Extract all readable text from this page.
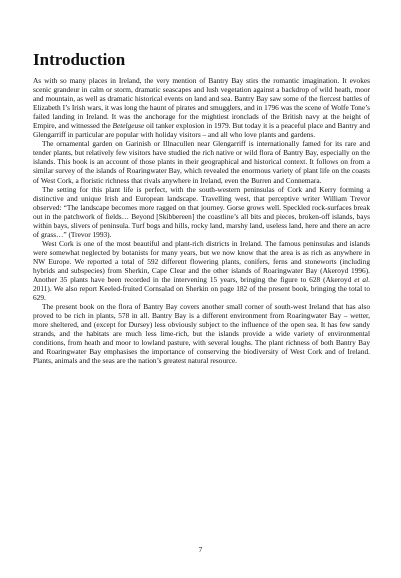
Introduction

As with so many places in Ireland, the very mention of Bantry Bay stirs the romantic imagination. It evokes scenic grandeur in calm or storm, dramatic seascapes and lush vegetation against a backdrop of wild heath, moor and mountain, as well as dramatic historical events on land and sea. Bantry Bay saw some of the fiercest battles of Elizabeth I’s Irish wars, it was long the haunt of pirates and smugglers, and in 1796 was the scene of Wolfe Tone’s failed landing in Ireland. It was the anchorage for the mightiest ironclads of the British navy at the height of Empire, and witnessed the Betelgeuse oil tanker explosion in 1979. But today it is a peaceful place and Bantry and Glengarriff in particular are popular with holiday visitors – and all who love plants and gardens.

The ornamental garden on Garinish or Illnacullen near Glengarriff is internationally famed for its rare and tender plants, but relatively few visitors have studied the rich native or wild flora of Bantry Bay, especially on the islands. This book is an account of those plants in their geographical and historical context. It follows on from a similar survey of the islands of Roaringwater Bay, which revealed the enormous variety of plant life on the coasts of West Cork, a floristic richness that rivals anywhere in Ireland, even the Burren and Connemara.

The setting for this plant life is perfect, with the south-western peninsulas of Cork and Kerry forming a distinctive and unique Irish and European landscape. Travelling west, that perceptive writer William Trevor observed: “The landscape becomes more ragged on that journey. Gorse grows well. Speckled rock-surfaces break out in the patchwork of fields… Beyond [Skibbereen] the coastline’s all bits and pieces, broken-off islands, bays within bays, slivers of peninsula. Turf bogs and hills, rocky land, marshy land, useless land, here and there an acre of grass…” (Trevor 1993).

West Cork is one of the most beautiful and plant-rich districts in Ireland. The famous peninsulas and islands were somewhat neglected by botanists for many years, but we now know that the area is as rich as anywhere in NW Europe. We reported a total of 592 different flowering plants, conifers, ferns and stoneworts (including hybrids and subspecies) from Sherkin, Cape Clear and the other islands of Roaringwater Bay (Akeroyd 1996). Another 35 plants have been recorded in the intervening 15 years, bringing the figure to 628 (Akeroyd et al. 2011). We also report Keeled-fruited Cornsalad on Sherkin on page 182 of the present book, bringing the total to 629.

The present book on the flora of Bantry Bay covers another small corner of south-west Ireland that has also proved to be rich in plants, 578 in all. Bantry Bay is a different environment from Roaringwater Bay – wetter, more sheltered, and (except for Dursey) less obviously subject to the influence of the open sea. It has few sandy strands, and the habitats are much less lime-rich, but the islands provide a wide variety of environmental conditions, from heath and moor to lowland pasture, with several loughs. The plant richness of both Bantry Bay and Roaringwater Bay emphasises the importance of conserving the biodiversity of West Cork and of Ireland. Plants, animals and the seas are the nation’s greatest natural resource.

7
